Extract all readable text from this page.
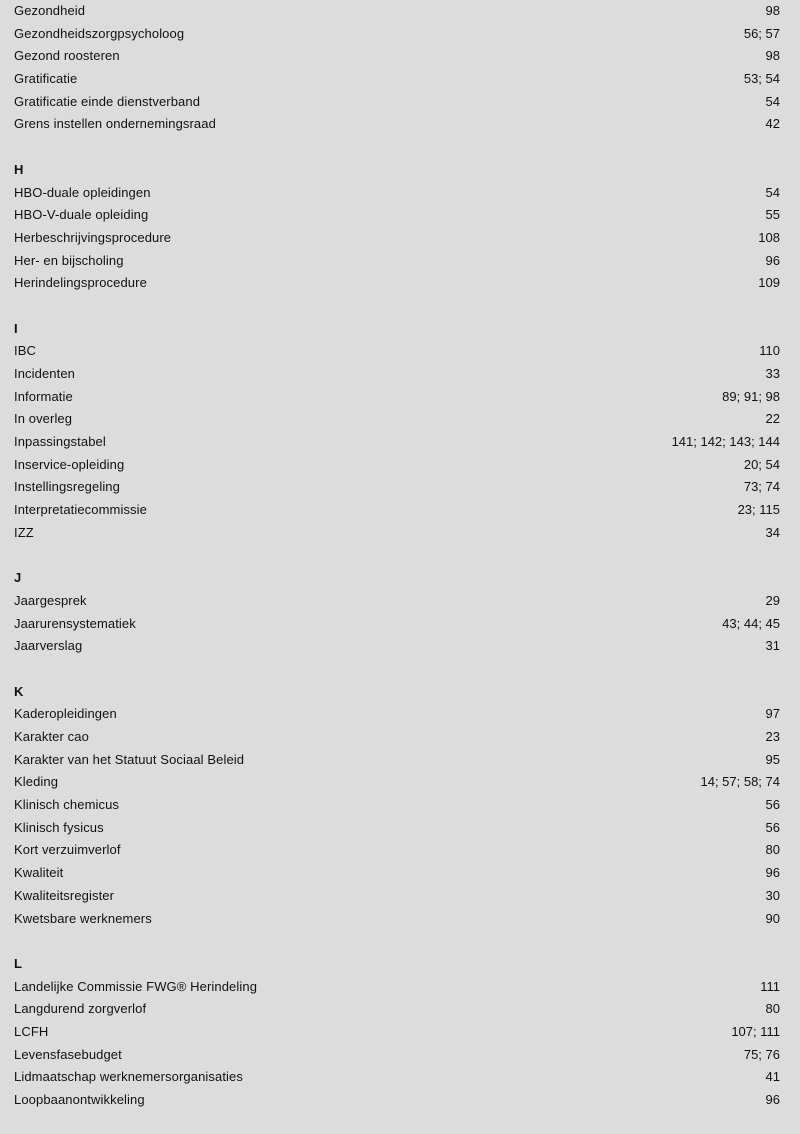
Gezondheid	98
Gezondheidszorgpsycholoog	56; 57
Gezond roosteren	98
Gratificatie	53; 54
Gratificatie einde dienstverband	54
Grens instellen ondernemingsraad	42
H
HBO-duale opleidingen	54
HBO-V-duale opleiding	55
Herbeschrijvingsprocedure	108
Her- en bijscholing	96
Herindelingsprocedure	109
I
IBC	110
Incidenten	33
Informatie	89; 91; 98
In overleg	22
Inpassingstabel	141; 142; 143; 144
Inservice-opleiding	20; 54
Instellingsregeling	73; 74
Interpretatiecommissie	23; 115
IZZ	34
J
Jaargesprek	29
Jaarurensystematiek	43; 44; 45
Jaarverslag	31
K
Kaderopleidingen	97
Karakter cao	23
Karakter van het Statuut Sociaal Beleid	95
Kleding	14; 57; 58; 74
Klinisch chemicus	56
Klinisch fysicus	56
Kort verzuimverlof	80
Kwaliteit	96
Kwaliteitsregister	30
Kwetsbare werknemers	90
L
Landelijke Commissie FWG® Herindeling	111
Langdurend zorgverlof	80
LCFH	107; 111
Levensfasebudget	75; 76
Lidmaatschap werknemersorganisaties	41
Loopbaanontwikkeling	96
